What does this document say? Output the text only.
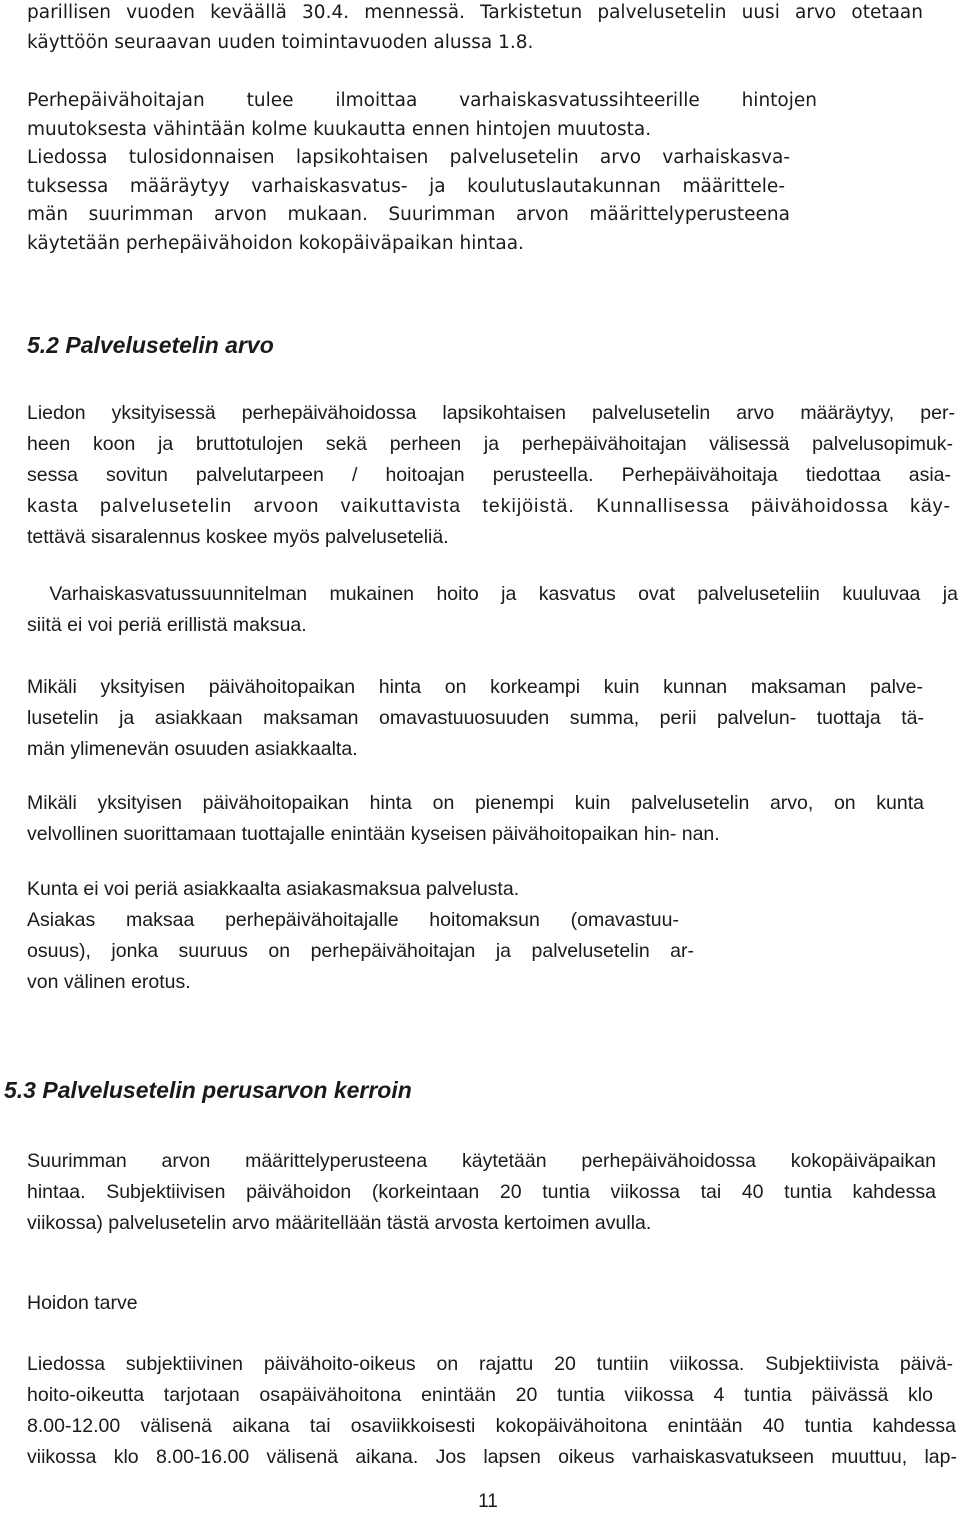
parillisen vuoden keväällä 30.4. mennessä. Tarkistetun palvelusetelin uusi arvo otetaan
käyttöön seuraavan uuden toimintavuoden alussa 1.8.
Perhepäivähoitajan tulee ilmoittaa varhaiskasvatussihteerille hintojen
muutoksesta vähintään kolme kuukautta ennen hintojen muutosta.
Liedossa tulosidonnaisen lapsikohtaisen palvelusetelin arvo varhaiskasva-
tuksessa määräytyy varhaiskasvatus- ja koulutuslautakunnan määrittele-
män suurimman arvon mukaan. Suurimman arvon määrittelyperusteena
käytetään perhepäivähoidon kokopäiväpaikan hintaa.
5.2 Palvelusetelin arvo
Liedon yksityisessä perhepäivähoidossa lapsikohtaisen palvelusetelin arvo määräytyy, per-
heen koon ja bruttotulojen sekä perheen ja perhepäivähoitajan välisessä palvelusopimuk-
sessa sovitun palvelutarpeen / hoitoajan perusteella. Perhepäivähoitaja tiedottaa asia-
kasta palvelusetelin arvoon vaikuttavista tekijöistä. Kunnallisessa päivähoidossa käy-
tettävä sisaralennus koskee myös palveluseteliä.
Varhaiskasvatussuunnitelman mukainen hoito ja kasvatus ovat palveluseteliin kuuluvaa ja
siitä ei voi periä erillistä maksua.
Mikäli yksityisen päivähoitopaikan hinta on korkeampi kuin kunnan maksaman palve-
lusetelin ja asiakkaan maksaman omavastuuosuuden summa, perii palvelun- tuottaja tä-
män ylimenevän osuuden asiakkaalta.
Mikäli yksityisen päivähoitopaikan hinta on pienempi kuin palvelusetelin arvo, on kunta
velvollinen suorittamaan tuottajalle enintään kyseisen päivähoitopaikan hin- nan.
Kunta ei voi periä asiakkaalta asiakasmaksua palvelusta.
Asiakas maksaa perhepäivähoitajalle hoitomaksun (omavastuu-
osuus), jonka suuruus on perhepäivähoitajan ja palvelusetelin ar-
von välinen erotus.
5.3 Palvelusetelin perusarvon kerroin
Suurimman arvon määrittelyperusteena käytetään perhepäivähoidossa kokopäiväpaikan
hintaa. Subjektiivisen päivähoidon (korkeintaan 20 tuntia viikossa tai 40 tuntia kahdessa
viikossa) palvelusetelin arvo määritellään tästä arvosta kertoimen avulla.
Hoidon tarve
Liedossa subjektiivinen päivähoito-oikeus on rajattu 20 tuntiin viikossa. Subjektiivista päivä-
hoito-oikeutta tarjotaan osapäivähoitona enintään 20 tuntia viikossa 4 tuntia päivässä klo
8.00-12.00 välisenä aikana tai osaviikkoisesti kokopäivähoitona enintään 40 tuntia kahdessa
viikossa klo 8.00-16.00 välisenä aikana. Jos lapsen oikeus varhaiskasvatukseen muuttuu, lap-
11
